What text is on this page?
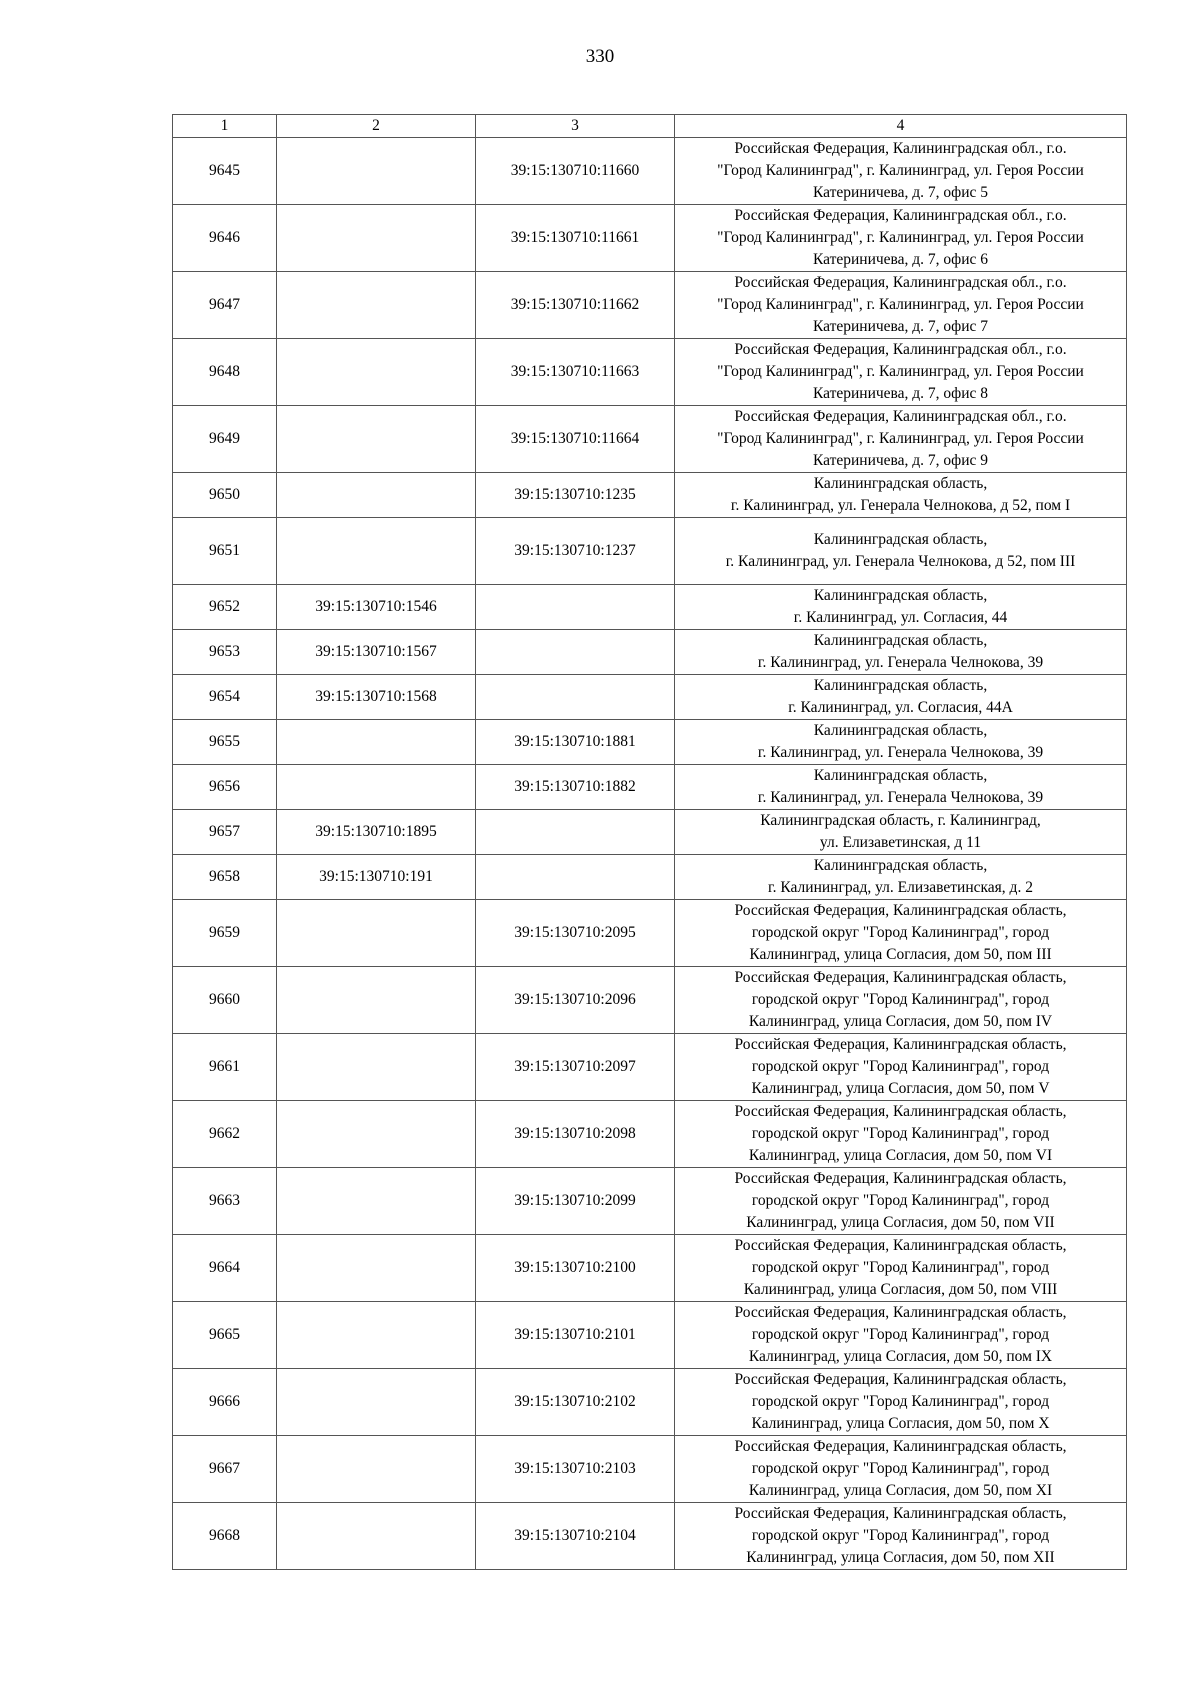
330
1	2	3	4
9645		39:15:130710:11660	Российская Федерация, Калининградская обл., г.о.
"Город Калининград", г. Калининград, ул. Героя России
Катериничева, д. 7, офис 5

9646		39:15:130710:11661	Российская Федерация, Калининградская обл., г.о.
"Город Калининград", г. Калининград, ул. Героя России
Катериничева, д. 7, офис 6

9647		39:15:130710:11662	Российская Федерация, Калининградская обл., г.о.
"Город Калининград", г. Калининград, ул. Героя России
Катериничева, д. 7, офис 7

9648		39:15:130710:11663	Российская Федерация, Калининградская обл., г.о.
"Город Калининград", г. Калининград, ул. Героя России
Катериничева, д. 7, офис 8

9649		39:15:130710:11664	Российская Федерация, Калининградская обл., г.о.
"Город Калининград", г. Калининград, ул. Героя России
Катериничева, д. 7, офис 9

9650		39:15:130710:1235	Калининградская область,
г. Калининград, ул. Генерала Челнокова, д 52, пом I

9651		39:15:130710:1237	Калининградская область,
г. Калининград, ул. Генерала Челнокова, д 52, пом III

9652	39:15:130710:1546		Калининградская область,
г. Калининград, ул. Согласия, 44

9653	39:15:130710:1567		Калининградская область,
г. Калининград, ул. Генерала Челнокова, 39

9654	39:15:130710:1568		Калининградская область,
г. Калининград, ул. Согласия, 44А

9655		39:15:130710:1881	Калининградская область,
г. Калининград, ул. Генерала Челнокова, 39

9656		39:15:130710:1882	Калининградская область,
г. Калининград, ул. Генерала Челнокова, 39

9657	39:15:130710:1895		Калининградская область, г. Калининград,
ул. Елизаветинская, д 11

9658	39:15:130710:191		Калининградская область,
г. Калининград, ул. Елизаветинская, д. 2

9659		39:15:130710:2095	Российская Федерация, Калининградская область,
городской округ "Город Калининград", город
Калининград, улица Согласия, дом 50, пом III

9660		39:15:130710:2096	Российская Федерация, Калининградская область,
городской округ "Город Калининград", город
Калининград, улица Согласия, дом 50, пом IV

9661		39:15:130710:2097	Российская Федерация, Калининградская область,
городской округ "Город Калининград", город
Калининград, улица Согласия, дом 50, пом V

9662		39:15:130710:2098	Российская Федерация, Калининградская область,
городской округ "Город Калининград", город
Калининград, улица Согласия, дом 50, пом VI

9663		39:15:130710:2099	Российская Федерация, Калининградская область,
городской округ "Город Калининград", город
Калининград, улица Согласия, дом 50, пом VII

9664		39:15:130710:2100	Российская Федерация, Калининградская область,
городской округ "Город Калининград", город
Калининград, улица Согласия, дом 50, пом VIII

9665		39:15:130710:2101	Российская Федерация, Калининградская область,
городской округ "Город Калининград", город
Калининград, улица Согласия, дом 50, пом IX

9666		39:15:130710:2102	Российская Федерация, Калининградская область,
городской округ "Город Калининград", город
Калининград, улица Согласия, дом 50, пом X

9667		39:15:130710:2103	Российская Федерация, Калининградская область,
городской округ "Город Калининград", город
Калининград, улица Согласия, дом 50, пом XI

9668		39:15:130710:2104	Российская Федерация, Калининградская область,
городской округ "Город Калининград", город
Калининград, улица Согласия, дом 50, пом XII
